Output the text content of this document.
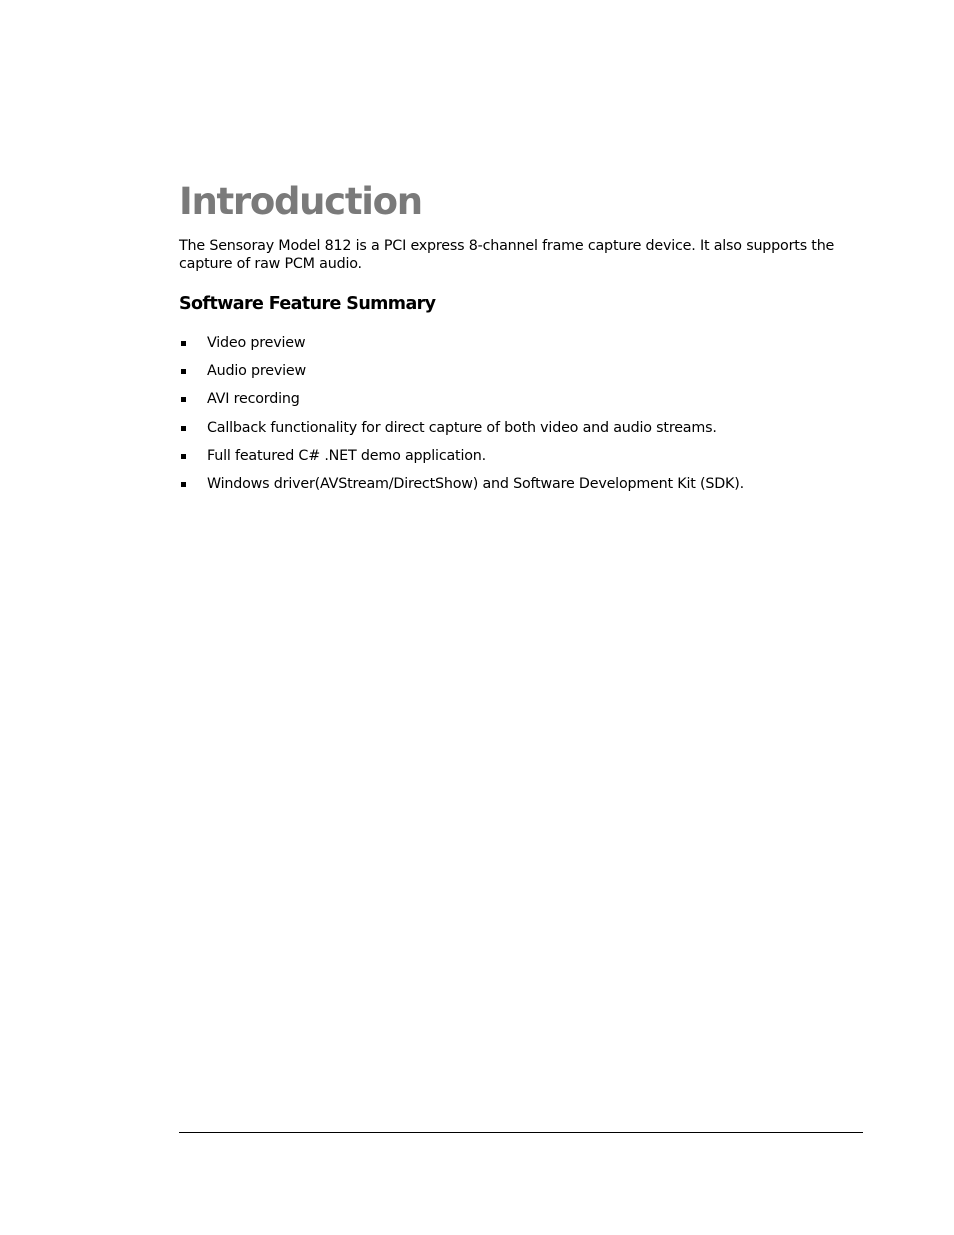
Introduction

The Sensoray Model 812 is a PCI express 8-channel frame capture device. It also supports the capture of raw PCM audio.

Software Feature Summary
Video preview
Audio preview
AVI recording
Callback functionality for direct capture of both video and audio streams.
Full featured C# .NET demo application.
Windows driver(AVStream/DirectShow) and Software Development Kit (SDK).
